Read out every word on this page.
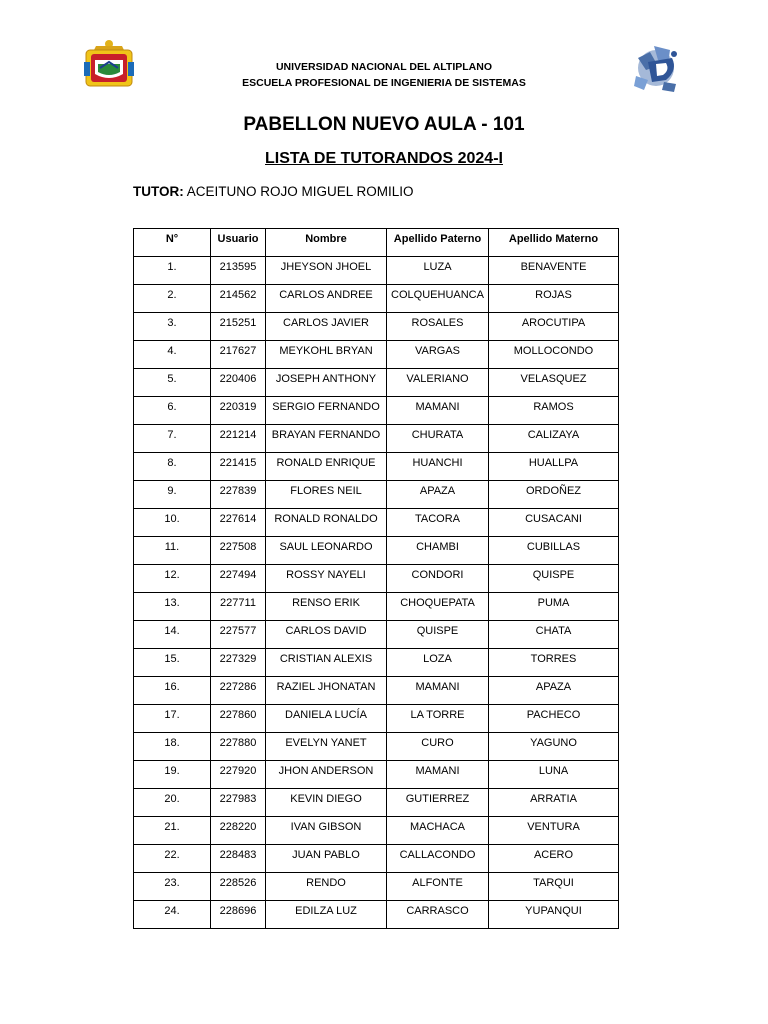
UNIVERSIDAD NACIONAL DEL ALTIPLANO
ESCUELA PROFESIONAL DE INGENIERIA DE SISTEMAS
PABELLON NUEVO AULA - 101
LISTA DE TUTORANDOS 2024-I
TUTOR: ACEITUNO ROJO MIGUEL ROMILIO
N°	Usuario	Nombre	Apellido Paterno	Apellido Materno
1.	213595	JHEYSON JHOEL	LUZA	BENAVENTE
2.	214562	CARLOS ANDREE	COLQUEHUANCA	ROJAS
3.	215251	CARLOS JAVIER	ROSALES	AROCUTIPA
4.	217627	MEYKOHL BRYAN	VARGAS	MOLLOCONDO
5.	220406	JOSEPH ANTHONY	VALERIANO	VELASQUEZ
6.	220319	SERGIO FERNANDO	MAMANI	RAMOS
7.	221214	BRAYAN FERNANDO	CHURATA	CALIZAYA
8.	221415	RONALD ENRIQUE	HUANCHI	HUALLPA
9.	227839	FLORES NEIL	APAZA	ORDOÑEZ
10.	227614	RONALD RONALDO	TACORA	CUSACANI
11.	227508	SAUL LEONARDO	CHAMBI	CUBILLAS
12.	227494	ROSSY NAYELI	CONDORI	QUISPE
13.	227711	RENSO ERIK	CHOQUEPATA	PUMA
14.	227577	CARLOS DAVID	QUISPE	CHATA
15.	227329	CRISTIAN ALEXIS	LOZA	TORRES
16.	227286	RAZIEL JHONATAN	MAMANI	APAZA
17.	227860	DANIELA LUCÍA	LA TORRE	PACHECO
18.	227880	EVELYN YANET	CURO	YAGUNO
19.	227920	JHON ANDERSON	MAMANI	LUNA
20.	227983	KEVIN DIEGO	GUTIERREZ	ARRATIA
21.	228220	IVAN GIBSON	MACHACA	VENTURA
22.	228483	JUAN PABLO	CALLACONDO	ACERO
23.	228526	RENDO	ALFONTE	TARQUI
24.	228696	EDILZA LUZ	CARRASCO	YUPANQUI
